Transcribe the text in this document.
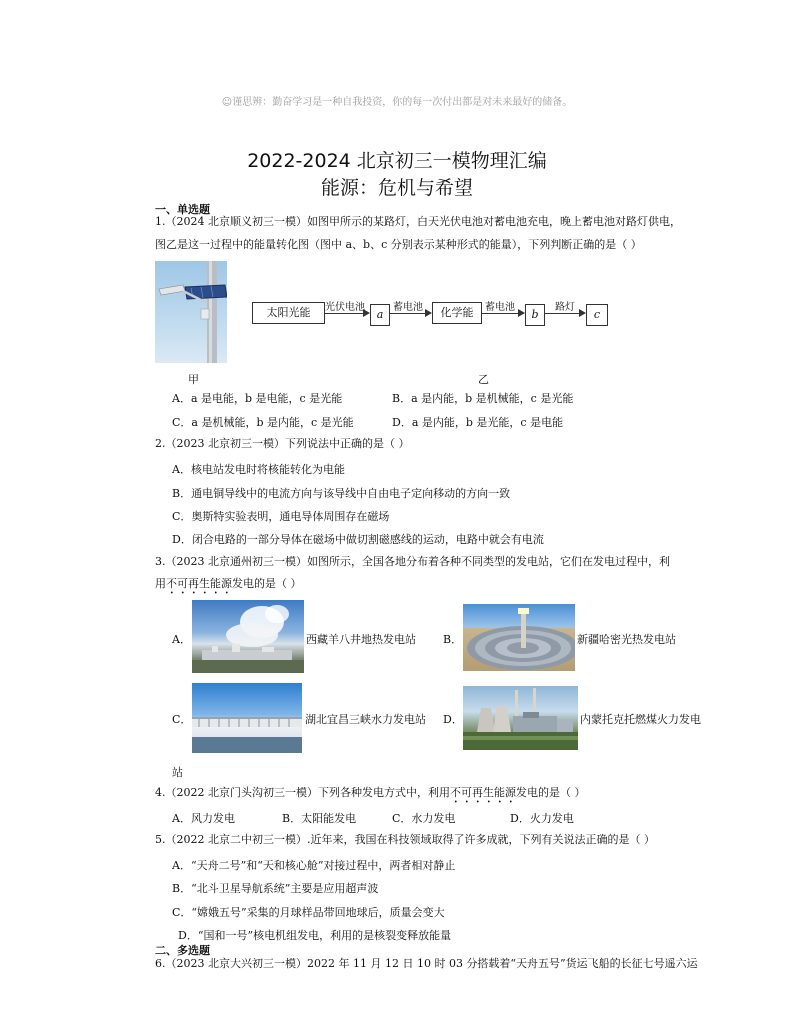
☺谨思辨：勤奋学习是一种自我投资，你的每一次付出都是对未来最好的储备。
2022-2024 北京初三一模物理汇编
能源：危机与希望
一、单选题
1.（2024 北京顺义初三一模）如图甲所示的某路灯，白天光伏电池对蓄电池充电，晚上蓄电池对路灯供电，
图乙是这一过程中的能量转化图（图中 a、b、c 分别表示某种形式的能量），下列判断正确的是（ ）
甲
太阳光能	光伏电池
a
蓄电池	化学能	蓄电池
b
路灯
c
乙
A．a 是电能，b 是电能，c 是光能	B．a 是内能，b 是机械能，c 是光能
C．a 是机械能，b 是内能，c 是光能	D．a 是内能，b 是光能，c 是电能
2.（2023 北京初三一模）下列说法中正确的是（ ）
A．核电站发电时将核能转化为电能
B．通电铜导线中的电流方向与该导线中自由电子定向移动的方向一致
C．奥斯特实验表明，通电导体周围存在磁场
D．闭合电路的一部分导体在磁场中做切割磁感线的运动，电路中就会有电流
3.（2023 北京通州初三一模）如图所示，全国各地分布着各种不同类型的发电站，它们在发电过程中，利
用不可再生能源发电的是（ ）
A．	西藏羊八井地热发电站 B．	新疆哈密光热发电站
C．	湖北宜昌三峡水力发电站 D．	内蒙托克托燃煤火力发电
站
4.（2022 北京门头沟初三一模）下列各种发电方式中，利用不可再生能源发电的是（ ）
A．风力发电	B．太阳能发电	C．水力发电	D．火力发电
5.（2022 北京二中初三一模）.近年来，我国在科技领域取得了许多成就，下列有关说法正确的是（ ）
A．“天舟二号”和“天和核心舱”对接过程中，两者相对静止
B．“北斗卫星导航系统”主要是应用超声波
C．“嫦娥五号”采集的月球样品带回地球后，质量会变大
D．“国和一号”核电机组发电，利用的是核裂变释放能量
二、多选题
6.（2023 北京大兴初三一模）2022 年 11 月 12 日 10 时 03 分搭载着“天舟五号”货运飞船的长征七号遥六运
